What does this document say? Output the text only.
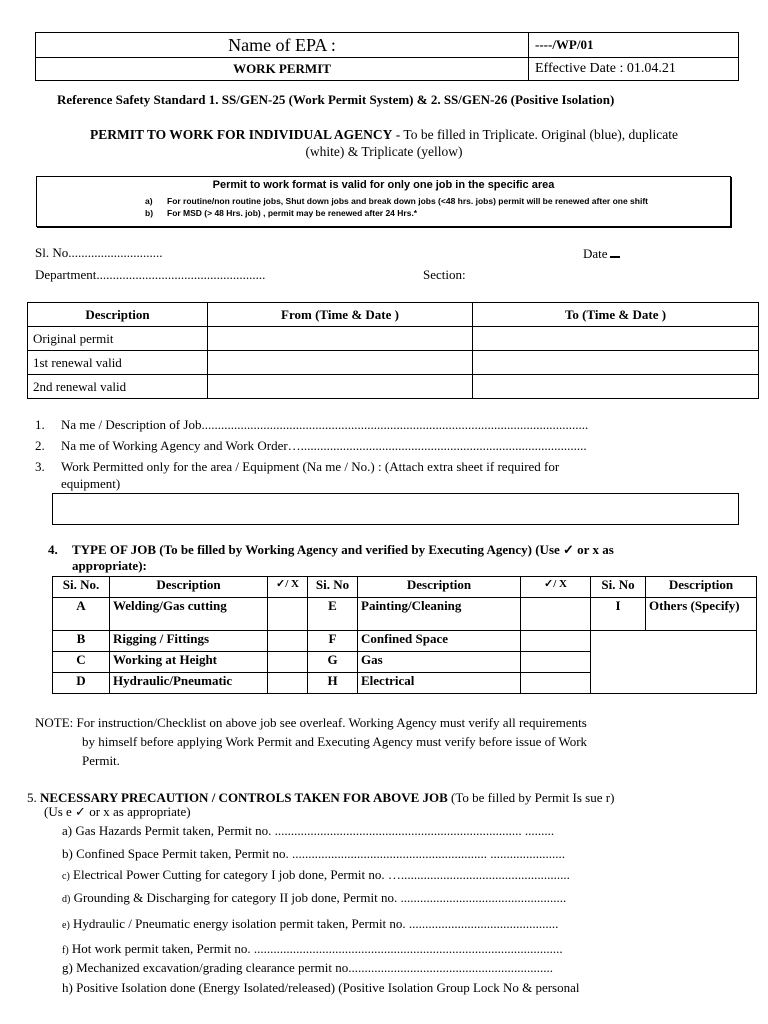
Name of EPA :	----/WP/01
WORK PERMIT	Effective Date : 01.04.21
Reference Safety Standard 1. SS/GEN-25 (Work Permit System) & 2. SS/GEN-26 (Positive Isolation)
PERMIT TO WORK FOR INDIVIDUAL AGENCY - To be filled in Triplicate. Original (blue), duplicate
(white) & Triplicate (yellow)
Permit to work format is valid for only one job in the specific area
a) For routine/non routine jobs, Shut down jobs and break down jobs (<48 hrs. jobs) permit will be renewed after one shift
b) For MSD (> 48 Hrs. job) , permit may be renewed after 24 Hrs.*
Sl. No.............................	Date
Department....................................................	Section:
Description	From (Time & Date )	To (Time & Date )
Original permit		
1st renewal valid		
2nd renewal valid		
1. Na me / Description of Job.......................................................................................................................
2. Na me of Working Agency and Work Order…........................................................................................
3. Work Permitted only for the area / Equipment (Na me / No.) : (Attach extra sheet if required for
equipment)
4. TYPE OF JOB (To be filled by Working Agency and verified by Executing Agency) (Use ✓ or x as
appropriate):
Si. No.	Description	✓/ X	Si. No	Description	✓/ X	Si. No	Description
A	Welding/Gas cutting		E	Painting/Cleaning		I	Others (Specify)
B	Rigging / Fittings		F	Confined Space			
C	Working at Height		G	Gas			
D	Hydraulic/Pneumatic		H	Electrical			
NOTE: For instruction/Checklist on above job see overleaf. Working Agency must verify all requirements
by himself before applying Work Permit and Executing Agency must verify before issue of Work
Permit.
5. NECESSARY PRECAUTION / CONTROLS TAKEN FOR ABOVE JOB (To be filled by Permit Is sue r)
(Us e ✓ or x as appropriate)
a) Gas Hazards Permit taken, Permit no. ............................................................................ .........
b) Confined Space Permit taken, Permit no. ............................................................ .......................
c) Electrical Power Cutting for category I job done, Permit no. …....................................................
d) Grounding & Discharging for category II job done, Permit no. ...................................................
e) Hydraulic / Pneumatic energy isolation permit taken, Permit no. ..............................................
f) Hot work permit taken, Permit no. ...............................................................................................
g) Mechanized excavation/grading clearance permit no...............................................................
h) Positive Isolation done (Energy Isolated/released) (Positive Isolation Group Lock No & personal
